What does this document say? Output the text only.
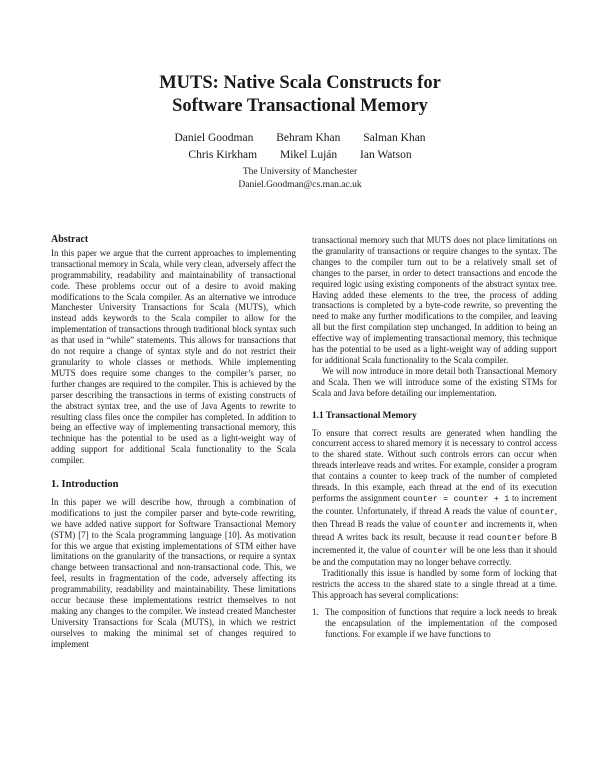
MUTS: Native Scala Constructs for
Software Transactional Memory
Daniel Goodman Behram Khan Salman Khan
Chris Kirkham Mikel Luján Ian Watson
The University of Manchester
Daniel.Goodman@cs.man.ac.uk
Abstract

In this paper we argue that the current approaches to implementing transactional memory in Scala, while very clean, adversely affect the programmability, readability and maintainability of transactional code. These problems occur out of a desire to avoid making modifications to the Scala compiler. As an alternative we introduce Manchester University Transactions for Scala (MUTS), which instead adds keywords to the Scala compiler to allow for the implementation of transactions through traditional block syntax such as that used in “while” statements. This allows for transactions that do not require a change of syntax style and do not restrict their granularity to whole classes or methods. While implementing MUTS does require some changes to the compiler’s parser, no further changes are required to the compiler. This is achieved by the parser describing the transactions in terms of existing constructs of the abstract syntax tree, and the use of Java Agents to rewrite to resulting class files once the compiler has completed. In addition to being an effective way of implementing transactional memory, this technique has the potential to be used as a light-weight way of adding support for additional Scala functionality to the Scala compiler.

1. Introduction

In this paper we will describe how, through a combination of modifications to just the compiler parser and byte-code rewriting, we have added native support for Software Transactional Memory (STM) [7] to the Scala programming language [10]. As motivation for this we argue that existing implementations of STM either have limitations on the granularity of the transactions, or require a syntax change between transactional and non-transactional code. This, we feel, results in fragmentation of the code, adversely affecting its programmability, readability and maintainability. These limitations occur because these implementations restrict themselves to not making any changes to the compiler. We instead created Manchester University Transactions for Scala (MUTS), in which we restrict ourselves to making the minimal set of changes required to implement

transactional memory such that MUTS does not place limitations on the granularity of transactions or require changes to the syntax. The changes to the compiler turn out to be a relatively small set of changes to the parser, in order to detect transactions and encode the required logic using existing components of the abstract syntax tree. Having added these elements to the tree, the process of adding transactions is completed by a byte-code rewrite, so preventing the need to make any further modifications to the compiler, and leaving all but the first compilation step unchanged. In addition to being an effective way of implementing transactional memory, this technique has the potential to be used as a light-weight way of adding support for additional Scala functionality to the Scala compiler.

We will now introduce in more detail both Transactional Memory and Scala. Then we will introduce some of the existing STMs for Scala and Java before detailing our implementation.

1.1 Transactional Memory

To ensure that correct results are generated when handling the concurrent access to shared memory it is necessary to control access to the shared state. Without such controls errors can occur when threads interleave reads and writes. For example, consider a program that contains a counter to keep track of the number of completed threads. In this example, each thread at the end of its execution performs the assignment counter = counter + 1 to increment the counter. Unfortunately, if thread A reads the value of counter, then Thread B reads the value of counter and increments it, when thread A writes back its result, because it read counter before B incremented it, the value of counter will be one less than it should be and the computation may no longer behave correctly.

Traditionally this issue is handled by some form of locking that restricts the access to the shared state to a single thread at a time. This approach has several complications:

1. The composition of functions that require a lock needs to break the encapsulation of the implementation of the composed functions. For example if we have functions to
